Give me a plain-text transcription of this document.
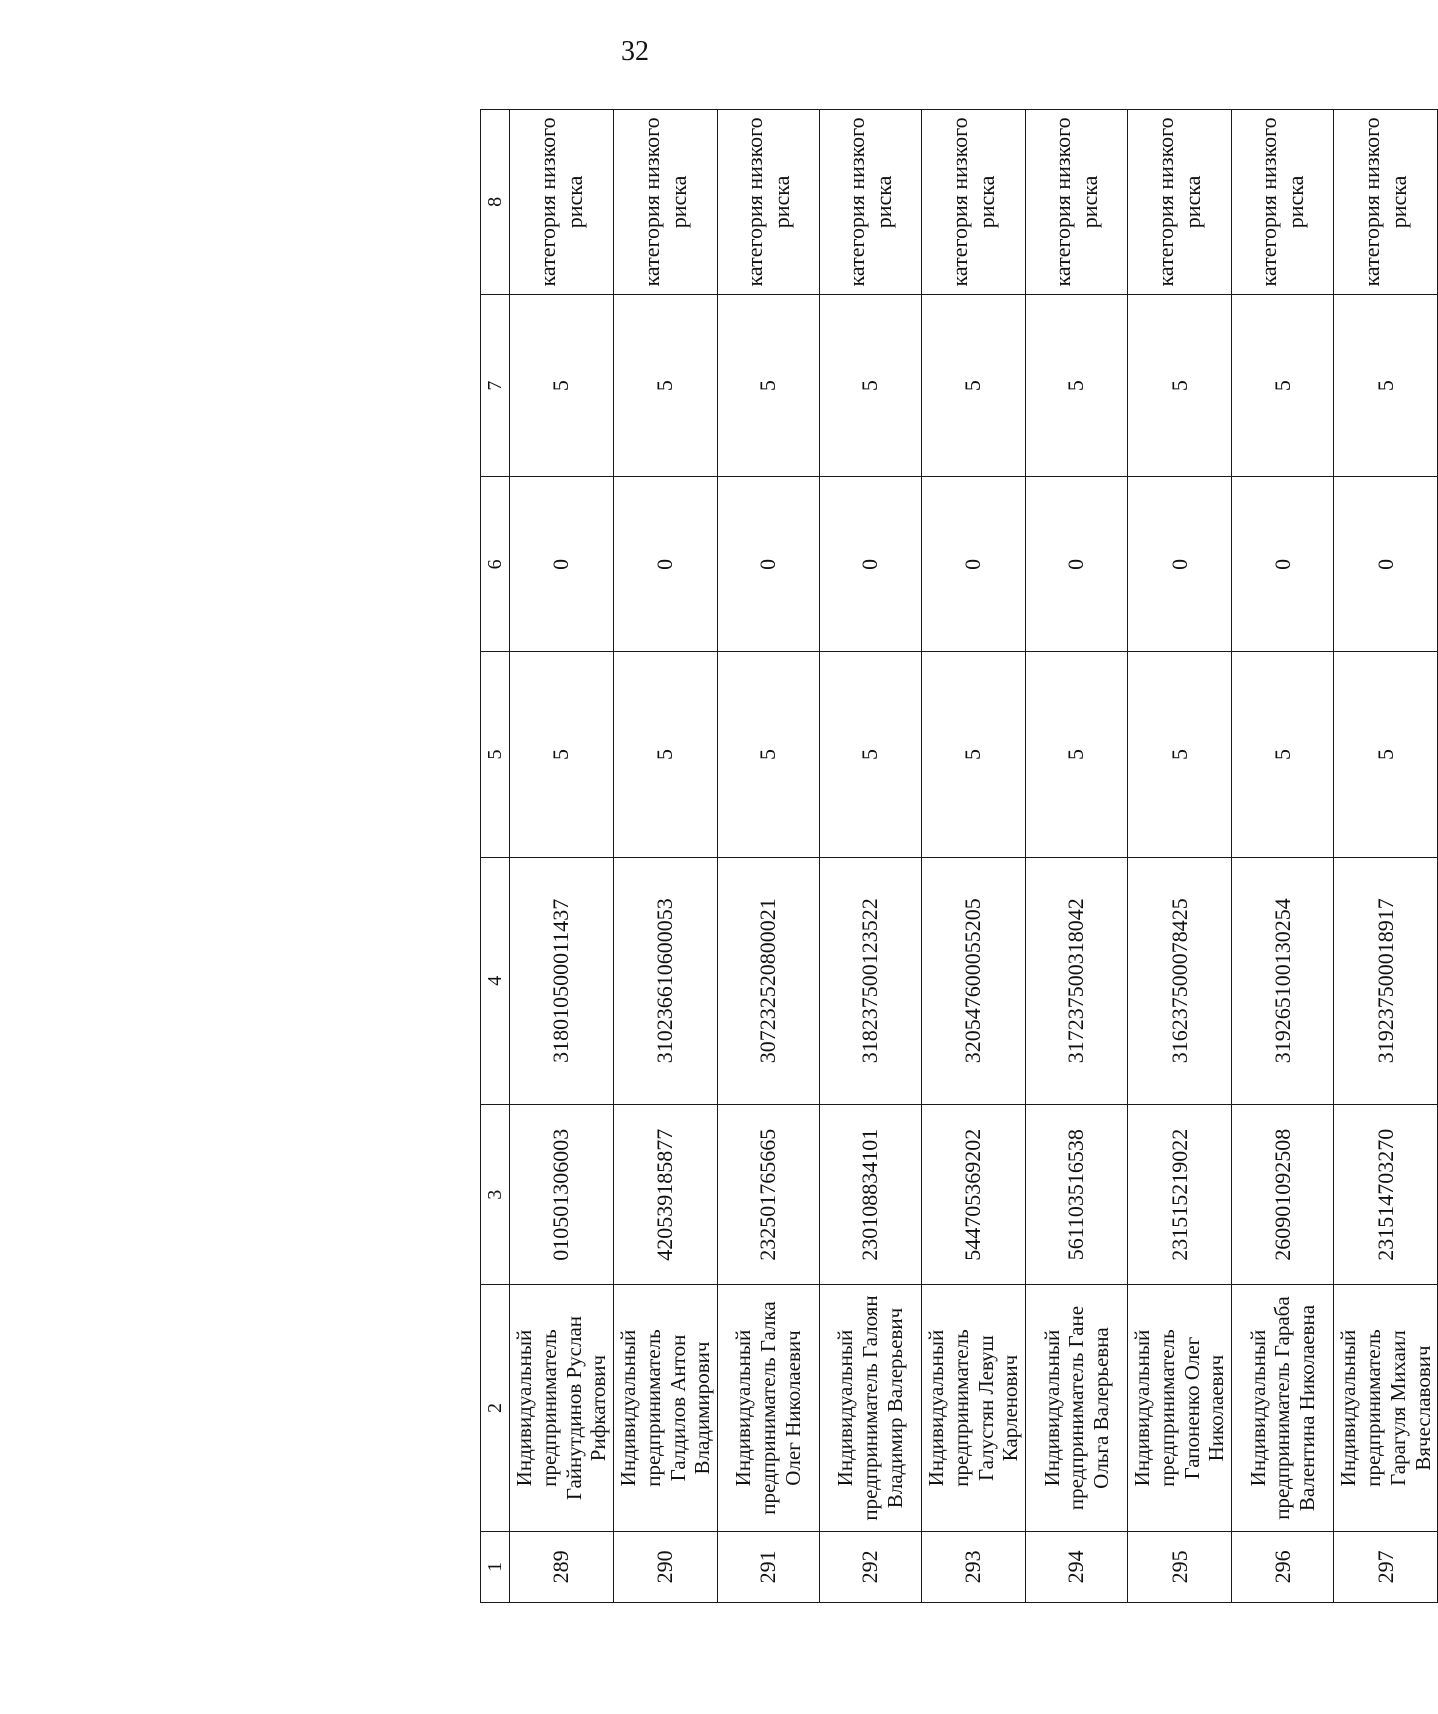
32
1	2	3	4	5	6	7	8
289	Индивидуальный предприниматель Гайнутдинов Руслан Рифкатович	010501306003	318010500011437	5	0	5	категория низкого риска
290	Индивидуальный предприниматель Галдилов Антон Владимирович	420539185877	310236610600053	5	0	5	категория низкого риска
291	Индивидуальный предприниматель Галка Олег Николаевич	232501765665	307232520800021	5	0	5	категория низкого риска
292	Индивидуальный предприниматель Галоян Владимир Валерьевич	230108834101	318237500123522	5	0	5	категория низкого риска
293	Индивидуальный предприниматель Галустян Левуш Карленович	544705369202	320547600055205	5	0	5	категория низкого риска
294	Индивидуальный предприниматель Гане Ольга Валерьевна	561103516538	317237500318042	5	0	5	категория низкого риска
295	Индивидуальный предприниматель Гапоненко Олег Николаевич	231515219022	316237500078425	5	0	5	категория низкого риска
296	Индивидуальный предприниматель Гараба Валентина Николаевна	260901092508	319265100130254	5	0	5	категория низкого риска
297	Индивидуальный предприниматель Гарагуля Михаил Вячеславович	231514703270	319237500018917	5	0	5	категория низкого риска
